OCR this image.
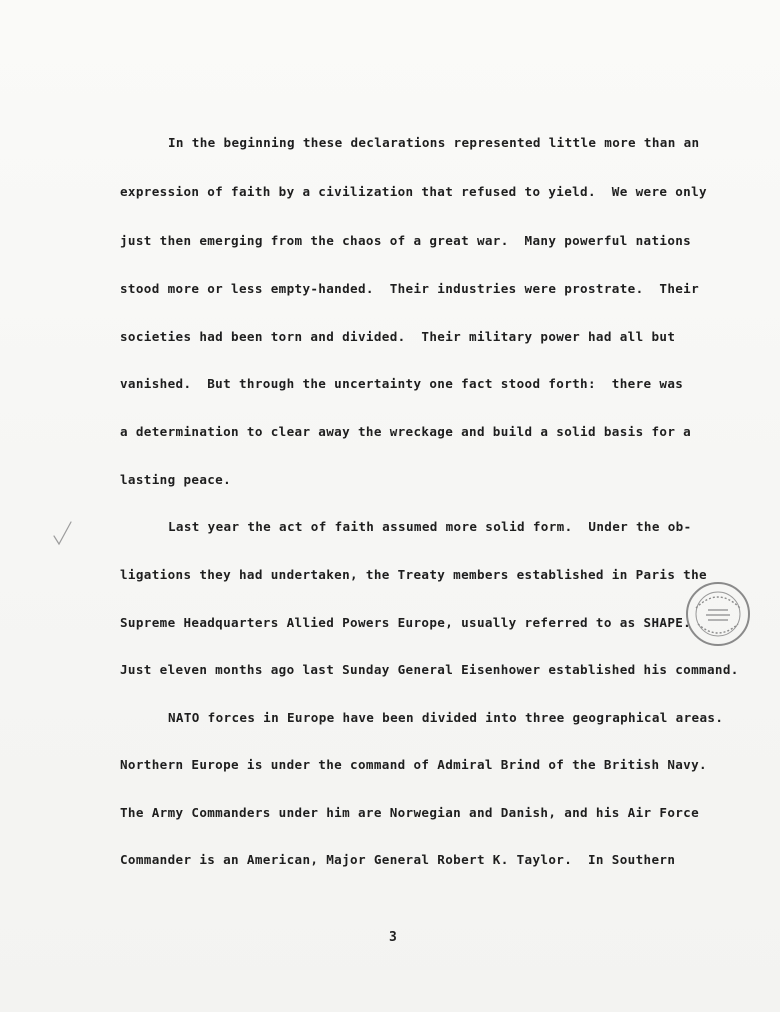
In the beginning these declarations represented little more than an

expression of faith by a civilization that refused to yield.  We were only

just then emerging from the chaos of a great war.  Many powerful nations

stood more or less empty-handed.  Their industries were prostrate.  Their

societies had been torn and divided.  Their military power had all but

vanished.  But through the uncertainty one fact stood forth:  there was

a determination to clear away the wreckage and build a solid basis for a

lasting peace.

Last year the act of faith assumed more solid form.  Under the ob-

ligations they had undertaken, the Treaty members established in Paris the

Supreme Headquarters Allied Powers Europe, usually referred to as SHAPE.

Just eleven months ago last Sunday General Eisenhower established his command.

NATO forces in Europe have been divided into three geographical areas.

Northern Europe is under the command of Admiral Brind of the British Navy.

The Army Commanders under him are Norwegian and Danish, and his Air Force

Commander is an American, Major General Robert K. Taylor.  In Southern

3
